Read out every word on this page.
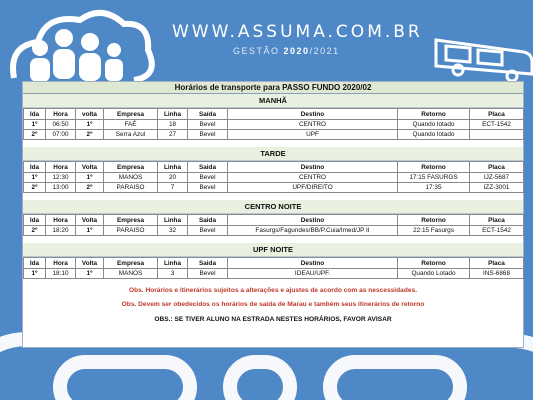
WWW.ASSUMA.COM.BR
GESTÃO 2020/2021
Horários de transporte para PASSO FUNDO 2020/02
MANHÃ
Ida	Hora	volta	Empresa	Linha	Saída	Destino	Retorno	Placa
1º	06:50	1º	FAÉ	18	Bevel	CENTRO	Quando lotado	ECT-1542
2º	07:00	2º	Serra Azul	27	Bevel	UPF	Quando lotado	
TARDE
Ida	Hora	Volta	Empresa	Linha	Saida	Destino	Retorno	Placa
1º	12:30	1º	MANOS	20	Bevel	CENTRO	17:15 FASURGS	IJZ-5687
2º	13:00	2º	PARAISO	7	Bevel	UPF/DIREITO	17:35	IZZ-3001
CENTRO NOITE
Ida	Hora	Volta	Empresa	Linha	Saida	Destino	Retorno	Placa
2º	18:20	1º	PARAISO	32	Bevel	Fasurgs/Fagundes/BB/P.Cuia/Imed/JP II	22:15 Fasurgs	ECT-1542
UPF NOITE
Ida	Hora	Volta	Empresa	Linha	Saida	Destino	Retorno	Placa
1º	18:10	1º	MANOS	3	Bevel	IDEAU/UPF.	Quando Lotado	INS-6868
Obs. Horários e itinerários sujeitos a alterações e ajustes de acordo com as nescessidades.
Obs. Devem ser obedecidos os horários de saída de Marau e também seus itinerários de retorno
OBS.: SE TIVER ALUNO NA ESTRADA NESTES HORÁRIOS, FAVOR AVISAR
